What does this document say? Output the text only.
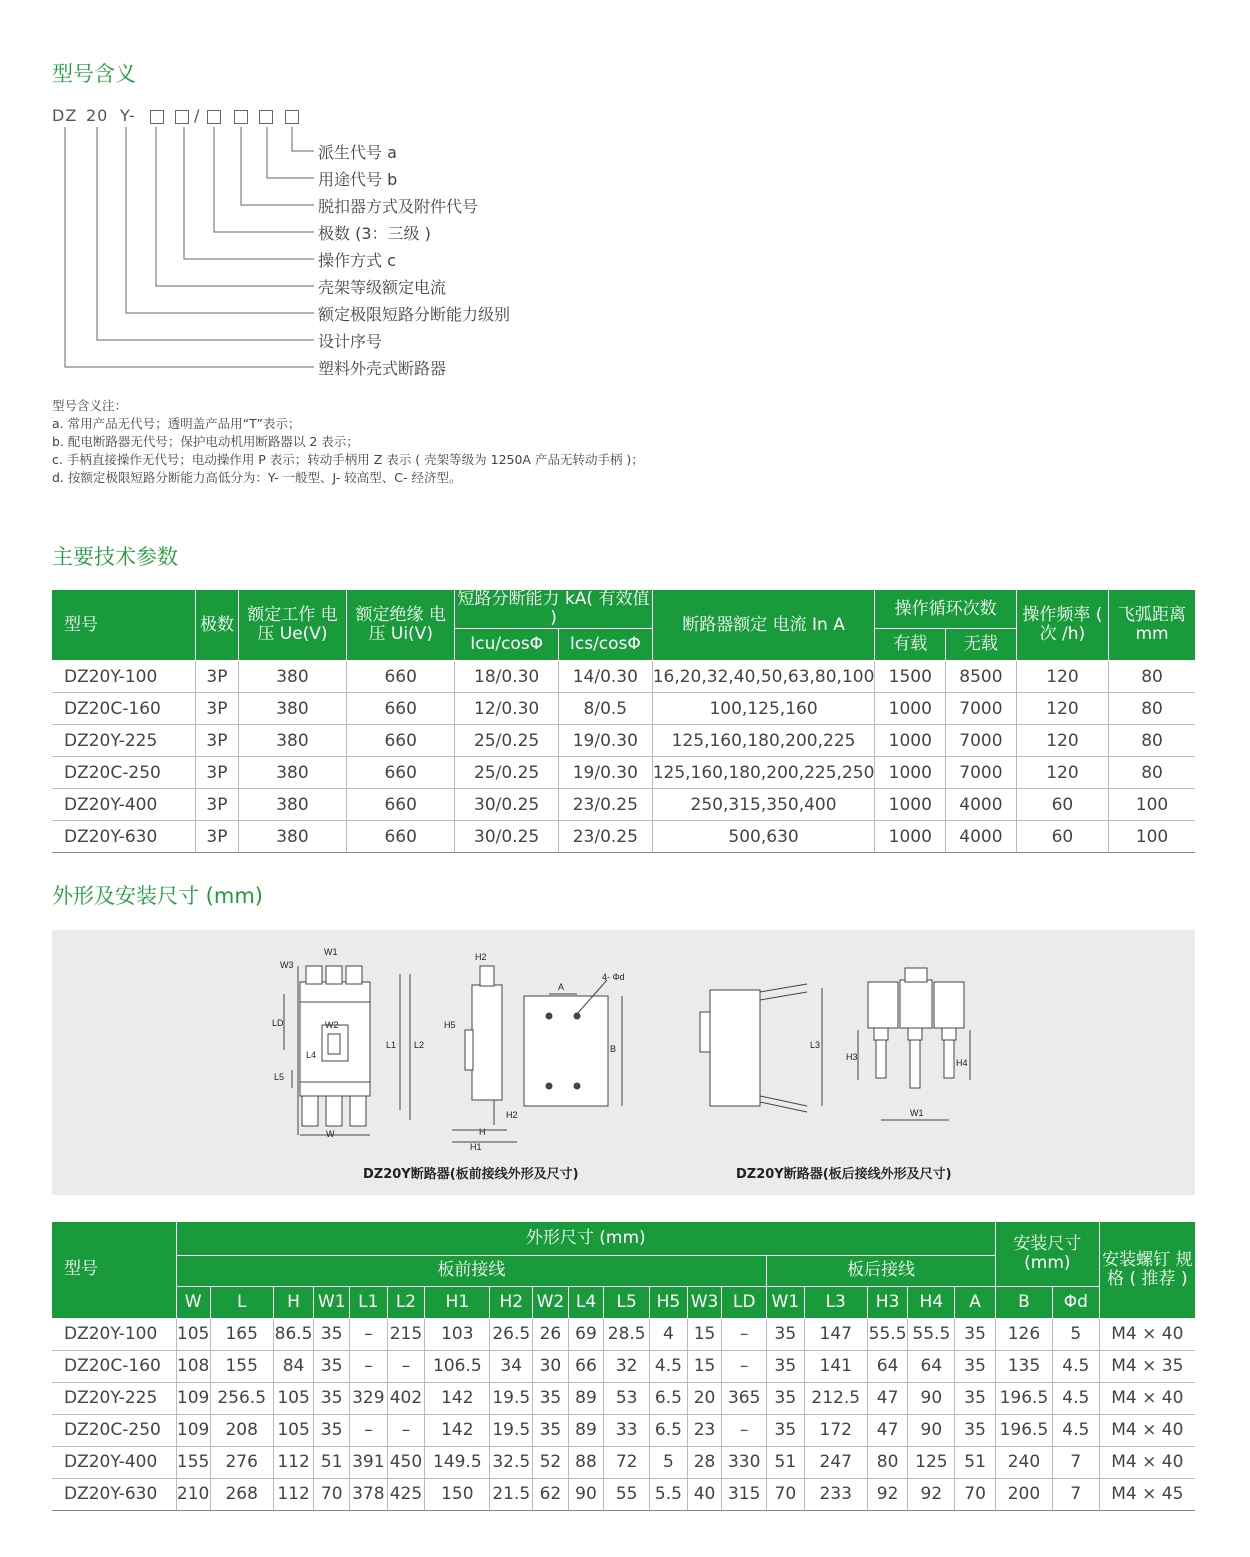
型号含义
DZ 20 Y-	/
派生代号 a
用途代号 b
脱扣器方式及附件代号
极数 (3：三级 )
操作方式 c
壳架等级额定电流
额定极限短路分断能力级别
设计序号
塑料外壳式断路器
型号含义注：
a. 常用产品无代号；透明盖产品用“T”表示；
b. 配电断路器无代号；保护电动机用断路器以 2 表示；
c. 手柄直接操作无代号；电动操作用 P 表示；转动手柄用 Z 表示 ( 壳架等级为 1250A 产品无转动手柄 )；
d. 按额定极限短路分断能力高低分为：Y- 一般型、J- 较高型、C- 经济型。
主要技术参数
型号	极数	额定工作 电压 Ue(V)	额定绝缘 电压 Ui(V)	短路分断能力 kA( 有效值 )		断路器额定 电流 In A	操作循环次数		操作频率 ( 次 /h)	飞弧距离 mm
				Icu/cosΦ	Ics/cosΦ		有载	无载		
DZ20Y-100	3P	380	660	18/0.30	14/0.30	16,20,32,40,50,63,80,100	1500	8500	120	80
DZ20C-160	3P	380	660	12/0.30	8/0.5	100,125,160	1000	7000	120	80
DZ20Y-225	3P	380	660	25/0.25	19/0.30	125,160,180,200,225	1000	7000	120	80
DZ20C-250	3P	380	660	25/0.25	19/0.30	125,160,180,200,225,250	1000	7000	120	80
DZ20Y-400	3P	380	660	30/0.25	23/0.25	250,315,350,400	1000	4000	60	100
DZ20Y-630	3P	380	660	30/0.25	23/0.25	500,630	1000	4000	60	100
外形及安装尺寸 (mm)
W3
W1
W2
LD
L4
L5
L1 L2
W
H2
H5
H2
H
H1
A
B
4- Φd
L3
H3
H4
W1
DZ20Y断路器(板前接线外形及尺寸)	DZ20Y断路器(板后接线外形及尺寸)
型号	外形尺寸 (mm)																			安装尺寸 (mm)		安装螺钉 规格 ( 推荐 )
	板前接线														板后接线							
	W	L	H	W1	L1	L2	H1	H2	W2	L4	L5	H5	W3	LD	W1	L3	H3	H4	A	B	Φd	
DZ20Y-100	105	165	86.5	35	–	215	103	26.5	26	69	28.5	4	15	–	35	147	55.5	55.5	35	126	5	M4 × 40
DZ20C-160	108	155	84	35	–	–	106.5	34	30	66	32	4.5	15	–	35	141	64	64	35	135	4.5	M4 × 35
DZ20Y-225	109	256.5	105	35	329	402	142	19.5	35	89	53	6.5	20	365	35	212.5	47	90	35	196.5	4.5	M4 × 40
DZ20C-250	109	208	105	35	–	–	142	19.5	35	89	33	6.5	23	–	35	172	47	90	35	196.5	4.5	M4 × 40
DZ20Y-400	155	276	112	51	391	450	149.5	32.5	52	88	72	5	28	330	51	247	80	125	51	240	7	M4 × 40
DZ20Y-630	210	268	112	70	378	425	150	21.5	62	90	55	5.5	40	315	70	233	92	92	70	200	7	M4 × 45
